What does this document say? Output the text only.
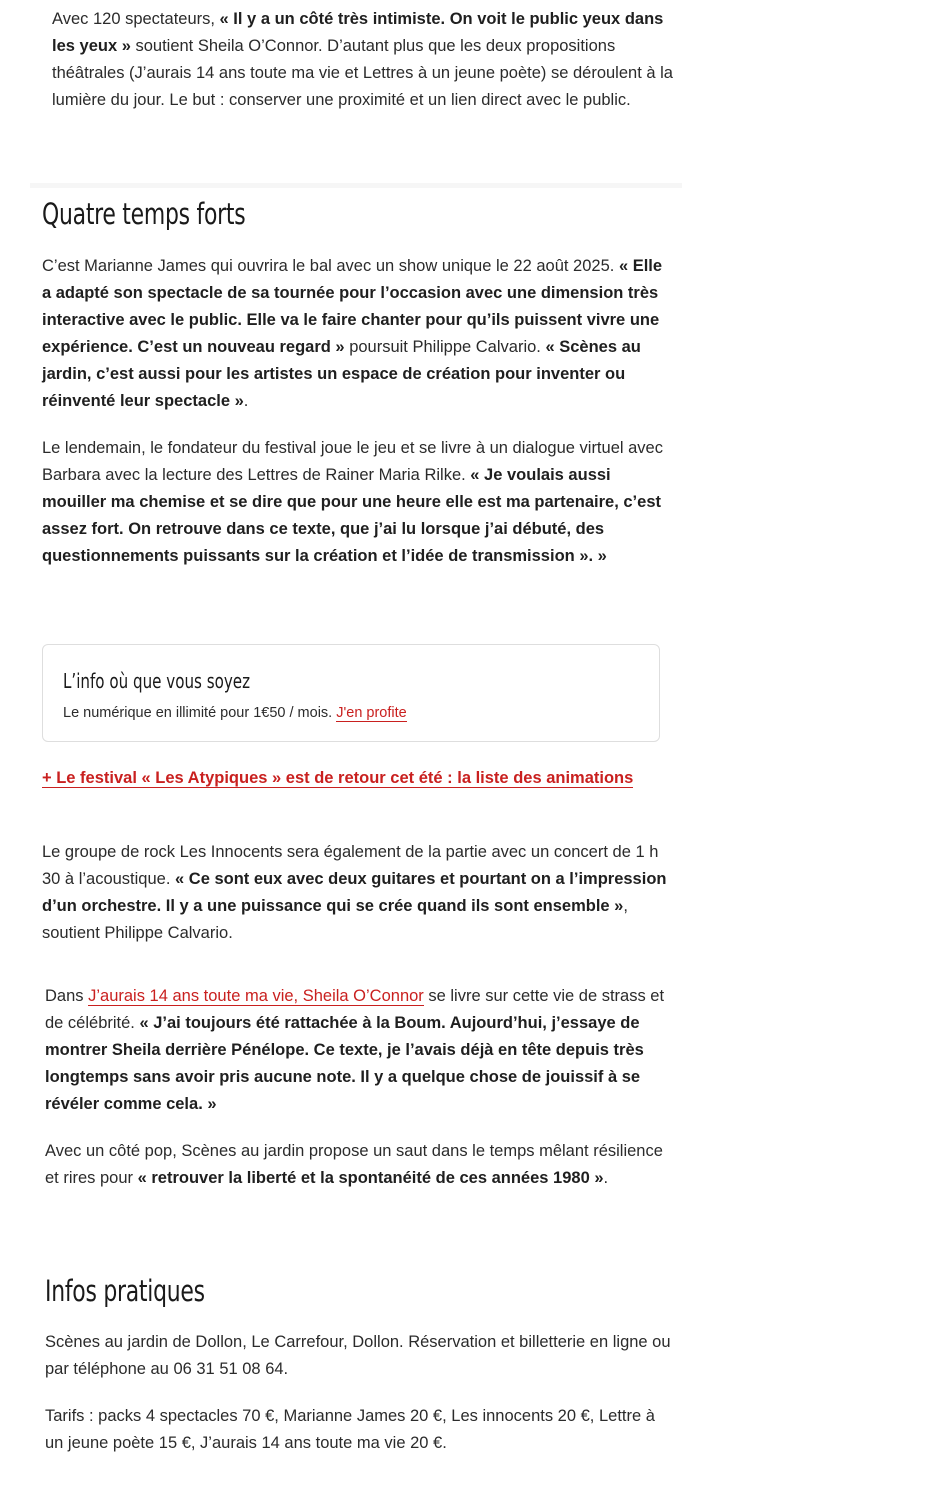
Avec 120 spectateurs, « Il y a un côté très intimiste. On voit le public yeux dans les yeux » soutient Sheila O’Connor. D’autant plus que les deux propositions théâtrales (J’aurais 14 ans toute ma vie et Lettres à un jeune poète) se déroulent à la lumière du jour. Le but : conserver une proximité et un lien direct avec le public.

Quatre temps forts

C’est Marianne James qui ouvrira le bal avec un show unique le 22 août 2025. « Elle a adapté son spectacle de sa tournée pour l’occasion avec une dimension très interactive avec le public. Elle va le faire chanter pour qu’ils puissent vivre une expérience. C’est un nouveau regard » poursuit Philippe Calvario. « Scènes au jardin, c’est aussi pour les artistes un espace de création pour inventer ou réinventé leur spectacle ».

Le lendemain, le fondateur du festival joue le jeu et se livre à un dialogue virtuel avec Barbara avec la lecture des Lettres de Rainer Maria Rilke. « Je voulais aussi mouiller ma chemise et se dire que pour une heure elle est ma partenaire, c’est assez fort. On retrouve dans ce texte, que j’ai lu lorsque j’ai débuté, des questionnements puissants sur la création et l’idée de transmission ». »

L’info où que vous soyez
Le numérique en illimité pour 1€50 / mois. J'en profite
+ Le festival « Les Atypiques » est de retour cet été : la liste des animations

Le groupe de rock Les Innocents sera également de la partie avec un concert de 1 h 30 à l’acoustique. « Ce sont eux avec deux guitares et pourtant on a l’impression d’un orchestre. Il y a une puissance qui se crée quand ils sont ensemble », soutient Philippe Calvario.

Dans J’aurais 14 ans toute ma vie, Sheila O’Connor se livre sur cette vie de strass et de célébrité. « J’ai toujours été rattachée à la Boum. Aujourd’hui, j’essaye de montrer Sheila derrière Pénélope. Ce texte, je l’avais déjà en tête depuis très longtemps sans avoir pris aucune note. Il y a quelque chose de jouissif à se révéler comme cela. »

Avec un côté pop, Scènes au jardin propose un saut dans le temps mêlant résilience et rires pour « retrouver la liberté et la spontanéité de ces années 1980 ».

Infos pratiques

Scènes au jardin de Dollon, Le Carrefour, Dollon. Réservation et billetterie en ligne ou par téléphone au 06 31 51 08 64.

Tarifs : packs 4 spectacles 70 €, Marianne James 20 €, Les innocents 20 €, Lettre à un jeune poète 15 €, J’aurais 14 ans toute ma vie 20 €.
